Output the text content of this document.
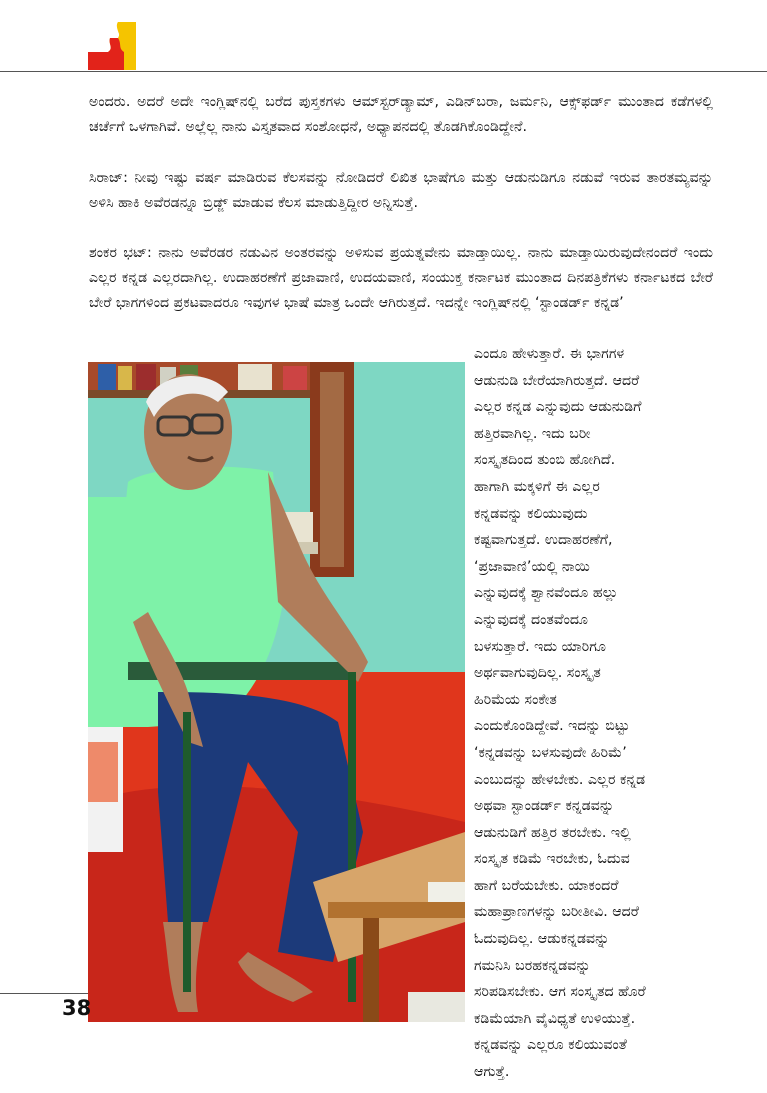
ಅಂದರು. ಅದರೆ ಅದೇ ಇಂಗ್ಲಿಷ್‌ನಲ್ಲಿ ಬರೆದ ಪುಸ್ತಕಗಳು ಆಮ್‌ಸ್ಟರ್‌ಡ್ಯಾಮ್, ಎಡಿನ್‌ಬರಾ, ಜರ್ಮನಿ, ಆಕ್ಸ್‌ಫರ್ಡ್ ಮುಂತಾದ ಕಡೆಗಳಲ್ಲಿ ಚರ್ಚೆಗೆ ಒಳಗಾಗಿವೆ. ಅಲ್ಲೆಲ್ಲ ನಾನು ವಿಸ್ತೃತವಾದ ಸಂಶೋಧನೆ, ಅಧ್ಯಾಪನದಲ್ಲಿ ತೊಡಗಿಕೊಂಡಿದ್ದೇನೆ.

ಸಿರಾಜ್: ನೀವು ಇಷ್ಟು ವರ್ಷ ಮಾಡಿರುವ ಕೆಲಸವನ್ನು ನೋಡಿದರೆ ಲಿಖಿತ ಭಾಷೆಗೂ ಮತ್ತು ಆಡುನುಡಿಗೂ ನಡುವೆ ಇರುವ ತಾರತಮ್ಯವನ್ನು ಅಳಿಸಿ ಹಾಕಿ ಅವೆರಡನ್ನೂ ಬ್ರಿಡ್ಜ್ ಮಾಡುವ ಕೆಲಸ ಮಾಡುತ್ತಿದ್ದೀರ ಅನ್ನಿಸುತ್ತೆ.

ಶಂಕರ ಭಟ್: ನಾನು ಅವೆರಡರ ನಡುವಿನ ಅಂತರವನ್ನು ಅಳಿಸುವ ಪ್ರಯತ್ನವೇನು ಮಾಡ್ತಾಯಿಲ್ಲ. ನಾನು ಮಾಡ್ತಾಯಿರುವುದೇನಂದರೆ ಇಂದು ಎಲ್ಲರ ಕನ್ನಡ ಎಲ್ಲರದಾಗಿಲ್ಲ. ಉದಾಹರಣೆಗೆ ಪ್ರಜಾವಾಣಿ, ಉದಯವಾಣಿ, ಸಂಯುಕ್ತ ಕರ್ನಾಟಕ ಮುಂತಾದ ದಿನಪತ್ರಿಕೆಗಳು ಕರ್ನಾಟಕದ ಬೇರೆ ಬೇರೆ ಭಾಗಗಳಿಂದ ಪ್ರಕಟವಾದರೂ ಇವುಗಳ ಭಾಷೆ ಮಾತ್ರ ಒಂದೇ ಆಗಿರುತ್ತದೆ. ಇದನ್ನೇ ಇಂಗ್ಲಿಷ್‌ನಲ್ಲಿ ‘ಸ್ಟಾಂಡರ್ಡ್ ಕನ್ನಡ’

ಎಂದೂ ಹೇಳುತ್ತಾರೆ. ಈ ಭಾಗಗಳ
ಆಡುನುಡಿ ಬೇರೆಯಾಗಿರುತ್ತದೆ. ಆದರೆ
ಎಲ್ಲರ ಕನ್ನಡ ಎನ್ನುವುದು ಆಡುನುಡಿಗೆ
ಹತ್ತಿರವಾಗಿಲ್ಲ. ಇದು ಬರೀ
ಸಂಸ್ಕೃತದಿಂದ ತುಂಬಿ ಹೋಗಿದೆ.
ಹಾಗಾಗಿ ಮಕ್ಕಳಿಗೆ ಈ ಎಲ್ಲರ
ಕನ್ನಡವನ್ನು ಕಲಿಯುವುದು
ಕಷ್ಟವಾಗುತ್ತದೆ. ಉದಾಹರಣೆಗೆ,
‘ಪ್ರಜಾವಾಣಿ’ಯಲ್ಲಿ ನಾಯಿ
ಎನ್ನುವುದಕ್ಕೆ ಶ್ವಾನವೆಂದೂ ಹಲ್ಲು
ಎನ್ನುವುದಕ್ಕೆ ದಂತವೆಂದೂ
ಬಳಸುತ್ತಾರೆ. ಇದು ಯಾರಿಗೂ
ಅರ್ಥವಾಗುವುದಿಲ್ಲ. ಸಂಸ್ಕೃತ
ಹಿರಿಮೆಯ ಸಂಕೇತ
ಎಂದುಕೊಂಡಿದ್ದೇವೆ. ಇದನ್ನು ಬಿಟ್ಟು
‘ಕನ್ನಡವನ್ನು ಬಳಸುವುದೇ ಹಿರಿಮೆ’
ಎಂಬುದನ್ನು ಹೇಳಬೇಕು. ಎಲ್ಲರ ಕನ್ನಡ
ಅಥವಾ ಸ್ಟಾಂಡರ್ಡ್ ಕನ್ನಡವನ್ನು
ಆಡುನುಡಿಗೆ ಹತ್ತಿರ ತರಬೇಕು. ಇಲ್ಲಿ
ಸಂಸ್ಕೃತ ಕಡಿಮೆ ಇರಬೇಕು, ಓದುವ
ಹಾಗೆ ಬರೆಯಬೇಕು. ಯಾಕಂದರೆ
ಮಹಾಪ್ರಾಣಗಳನ್ನು ಬರೀತೀವಿ. ಆದರೆ
ಓದುವುದಿಲ್ಲ. ಆಡುಕನ್ನಡವನ್ನು
ಗಮನಿಸಿ ಬರಹಕನ್ನಡವನ್ನು
ಸರಿಪಡಿಸಬೇಕು. ಆಗ ಸಂಸ್ಕೃತದ ಹೊರೆ
ಕಡಿಮೆಯಾಗಿ ವೈವಿಧ್ಯತೆ ಉಳಿಯುತ್ತೆ.
ಕನ್ನಡವನ್ನು ಎಲ್ಲರೂ ಕಲಿಯುವಂತೆ
ಆಗುತ್ತೆ.
38
